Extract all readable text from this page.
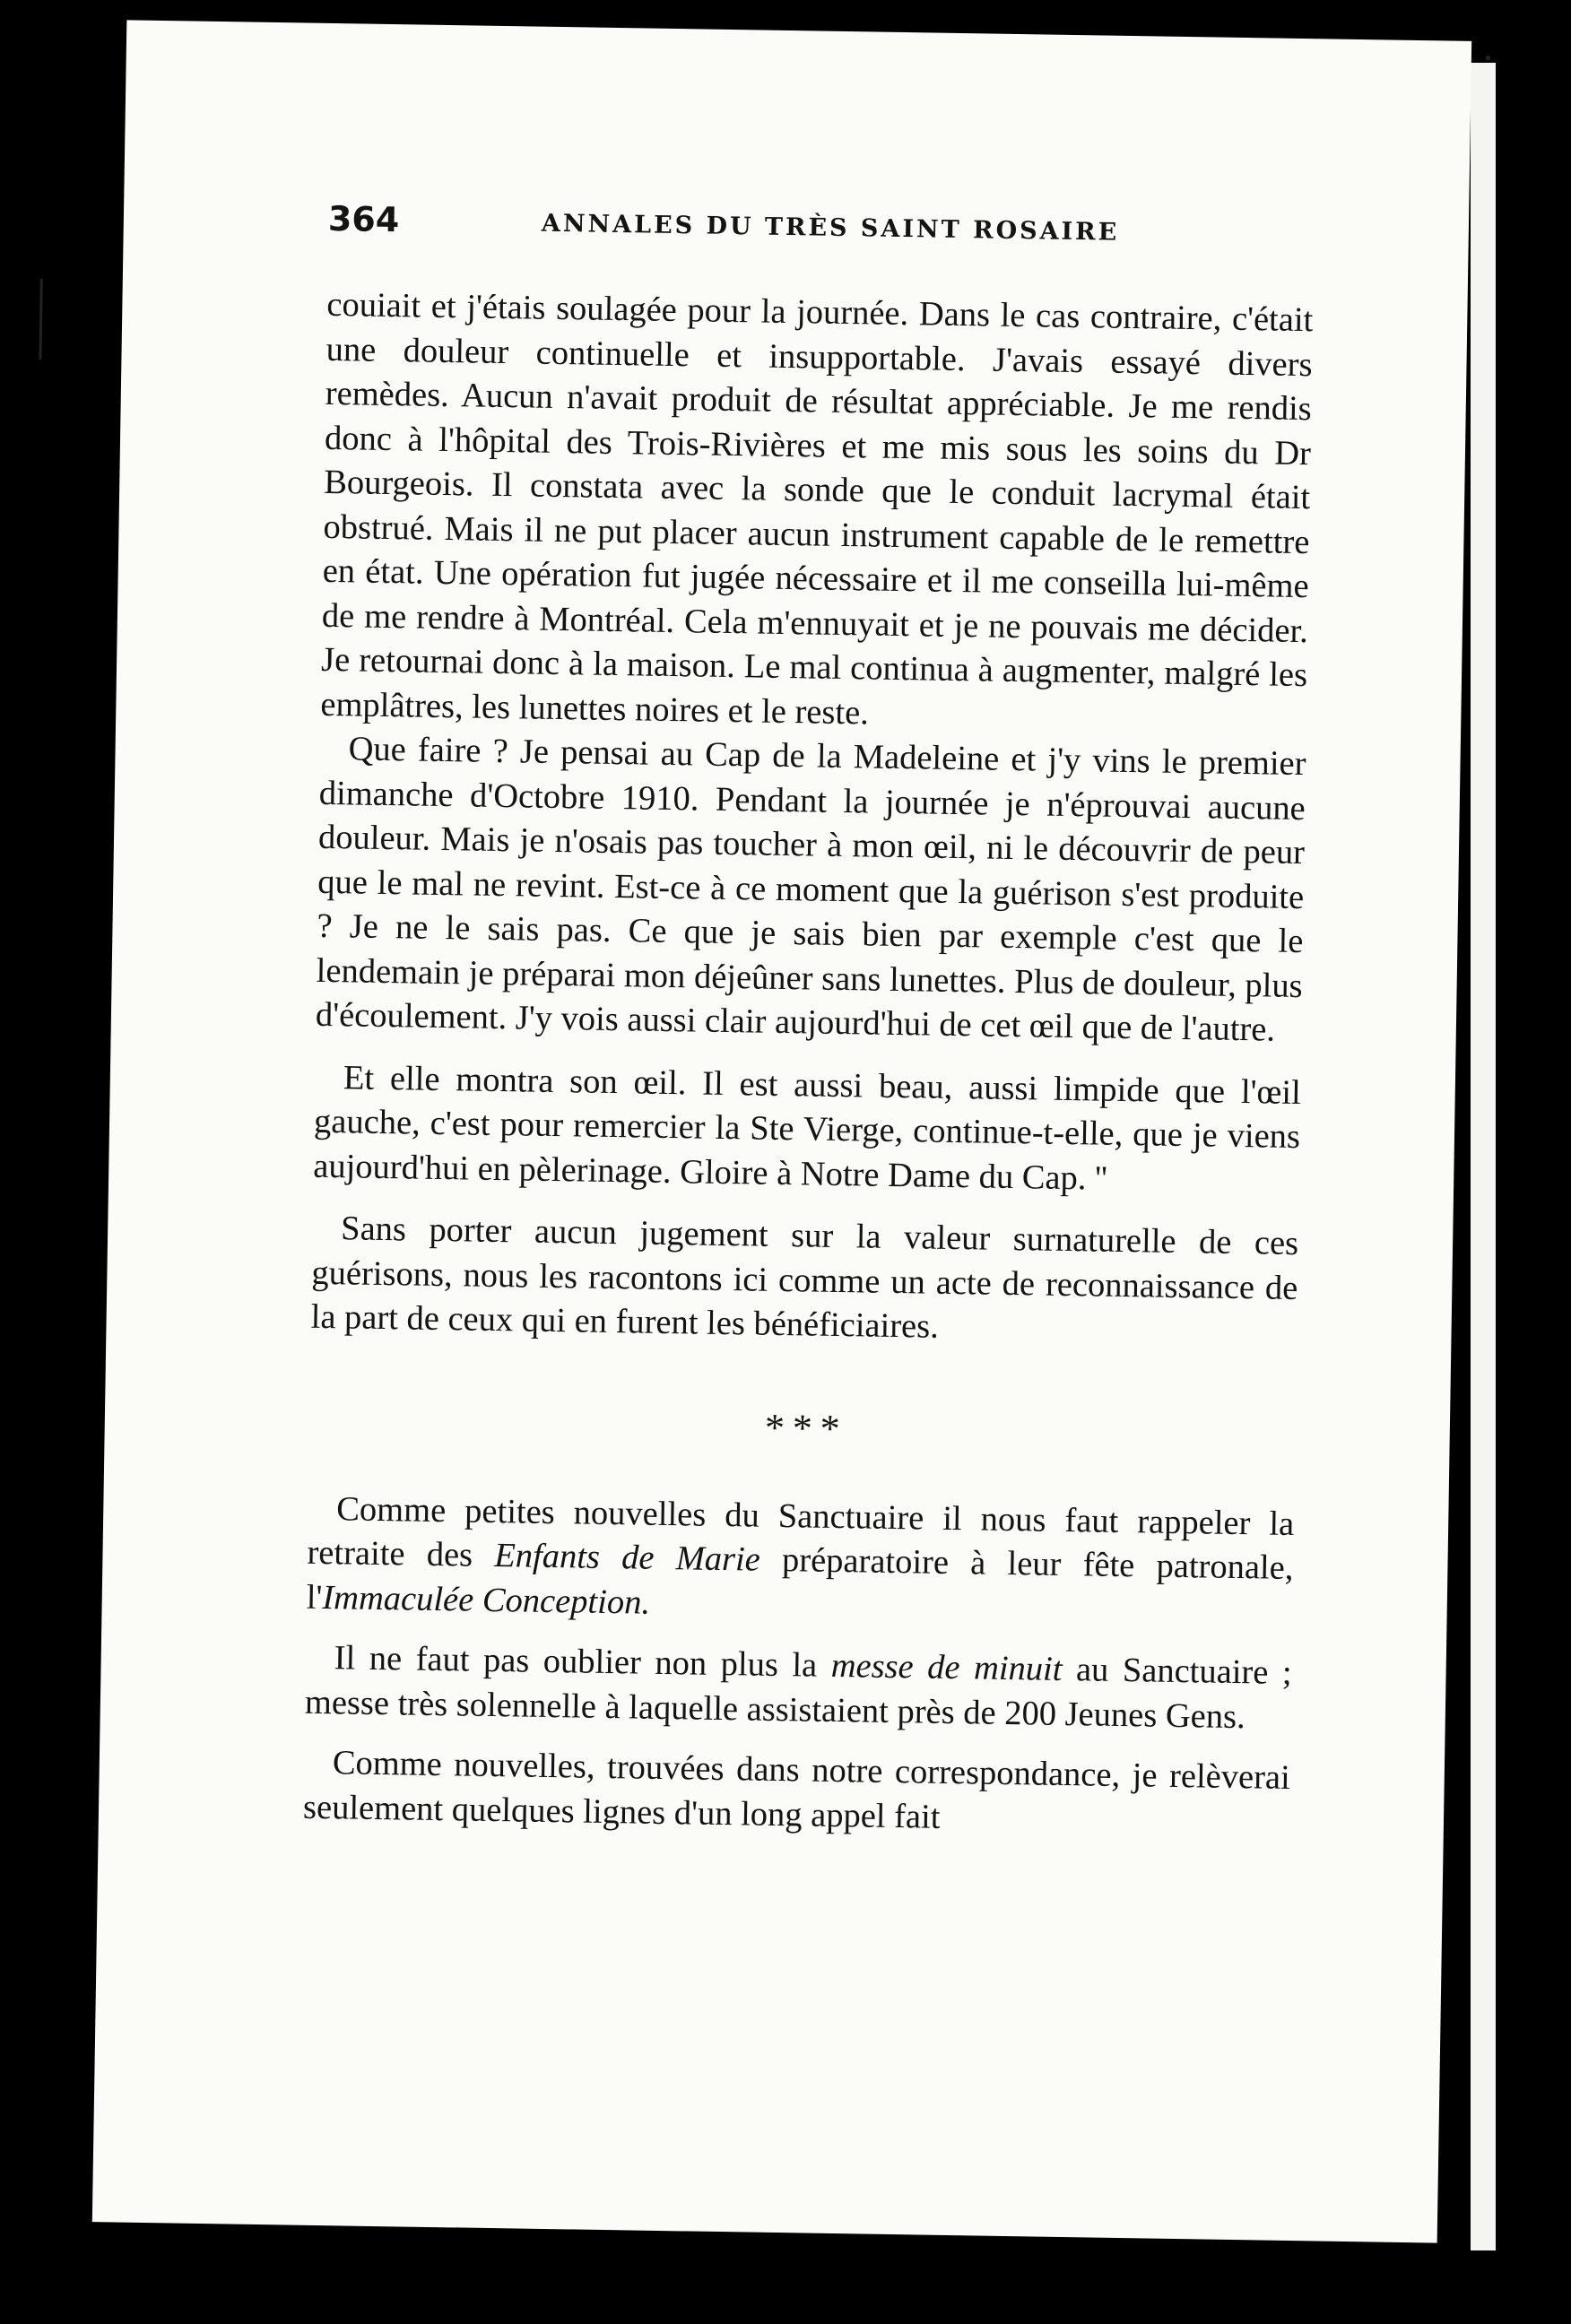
364	ANNALES DU TRÈS SAINT ROSAIRE

couiait et j'étais soulagée pour la journée. Dans le cas contraire, c'était une douleur continuelle et insupportable. J'avais essayé divers remèdes. Aucun n'avait produit de résultat appréciable. Je me rendis donc à l'hôpital des Trois-Rivières et me mis sous les soins du Dr Bourgeois. Il constata avec la sonde que le conduit lacrymal était obstrué. Mais il ne put placer aucun instrument capable de le remettre en état. Une opération fut jugée nécessaire et il me conseilla lui-même de me rendre à Montréal. Cela m'ennuyait et je ne pouvais me décider. Je retournai donc à la maison. Le mal continua à augmenter, malgré les emplâtres, les lunettes noires et le reste.

Que faire ? Je pensai au Cap de la Madeleine et j'y vins le premier dimanche d'Octobre 1910. Pendant la journée je n'éprouvai aucune douleur. Mais je n'osais pas toucher à mon œil, ni le découvrir de peur que le mal ne revint. Est-ce à ce moment que la guérison s'est produite ? Je ne le sais pas. Ce que je sais bien par exemple c'est que le lendemain je préparai mon déjeûner sans lunettes. Plus de douleur, plus d'écoulement. J'y vois aussi clair aujourd'hui de cet œil que de l'autre.

Et elle montra son œil. Il est aussi beau, aussi limpide que l'œil gauche, c'est pour remercier la Ste Vierge, continue-t-elle, que je viens aujourd'hui en pèlerinage. Gloire à Notre Dame du Cap. ''

Sans porter aucun jugement sur la valeur surnaturelle de ces guérisons, nous les racontons ici comme un acte de reconnaissance de la part de ceux qui en furent les bénéficiaires.

* * *

Comme petites nouvelles du Sanctuaire il nous faut rappeler la retraite des Enfants de Marie préparatoire à leur fête patronale, l'Immaculée Conception.

Il ne faut pas oublier non plus la messe de minuit au Sanctuaire ; messe très solennelle à laquelle assistaient près de 200 Jeunes Gens.

Comme nouvelles, trouvées dans notre correspondance, je relèverai seulement quelques lignes d'un long appel fait
